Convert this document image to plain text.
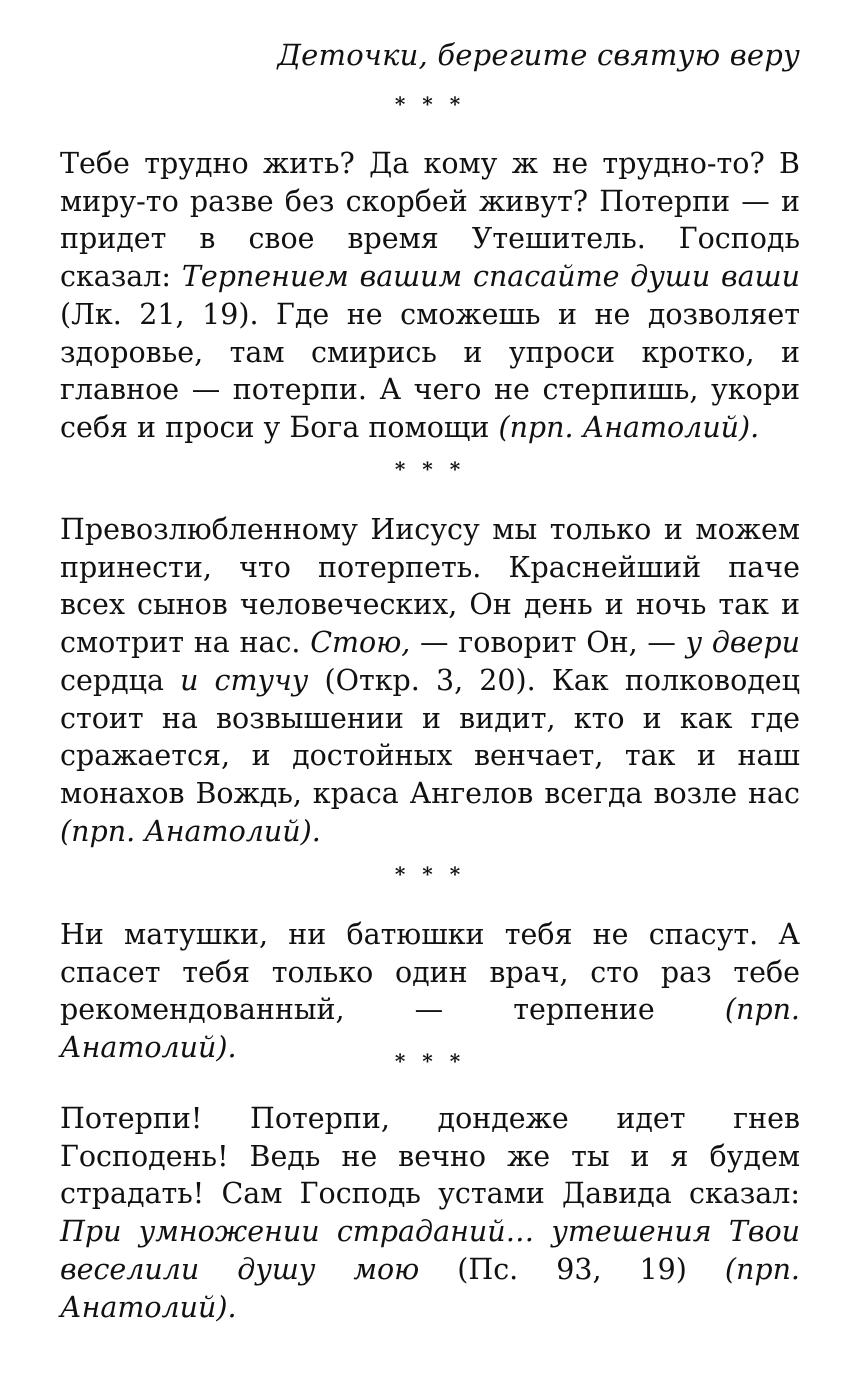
Деточки, берегите святую веру
* * *

Тебе трудно жить? Да кому ж не трудно-то? В миру-то разве без скорбей живут? Потерпи — и придет в свое время Утешитель. Господь сказал: Терпением вашим спасайте души ваши (Лк. 21, 19). Где не сможешь и не дозволяет здоровье, там смирись и упроси кротко, и главное — потерпи. А чего не стерпишь, укори себя и проси у Бога помощи (прп. Анатолий).

* * *

Превозлюбленному Иисусу мы только и можем принести, что потерпеть. Краснейший паче всех сынов человеческих, Он день и ночь так и смотрит на нас. Стою, — говорит Он, — у двери сердца и стучу (Откр. 3, 20). Как полководец стоит на возвышении и видит, кто и как где сражается, и достойных венчает, так и наш монахов Вождь, краса Ангелов всегда возле нас (прп. Анатолий).

* * *

Ни матушки, ни батюшки тебя не спасут. А спасет тебя только один врач, сто раз тебе рекомендованный, — терпение (прп. Анатолий).	* * *

Потерпи! Потерпи, дондеже идет гнев Господень! Ведь не вечно же ты и я будем страдать! Сам Господь устами Давида сказал: При умножении страданий… утешения Твои веселили душу мою (Пс. 93, 19) (прп. Анатолий).
